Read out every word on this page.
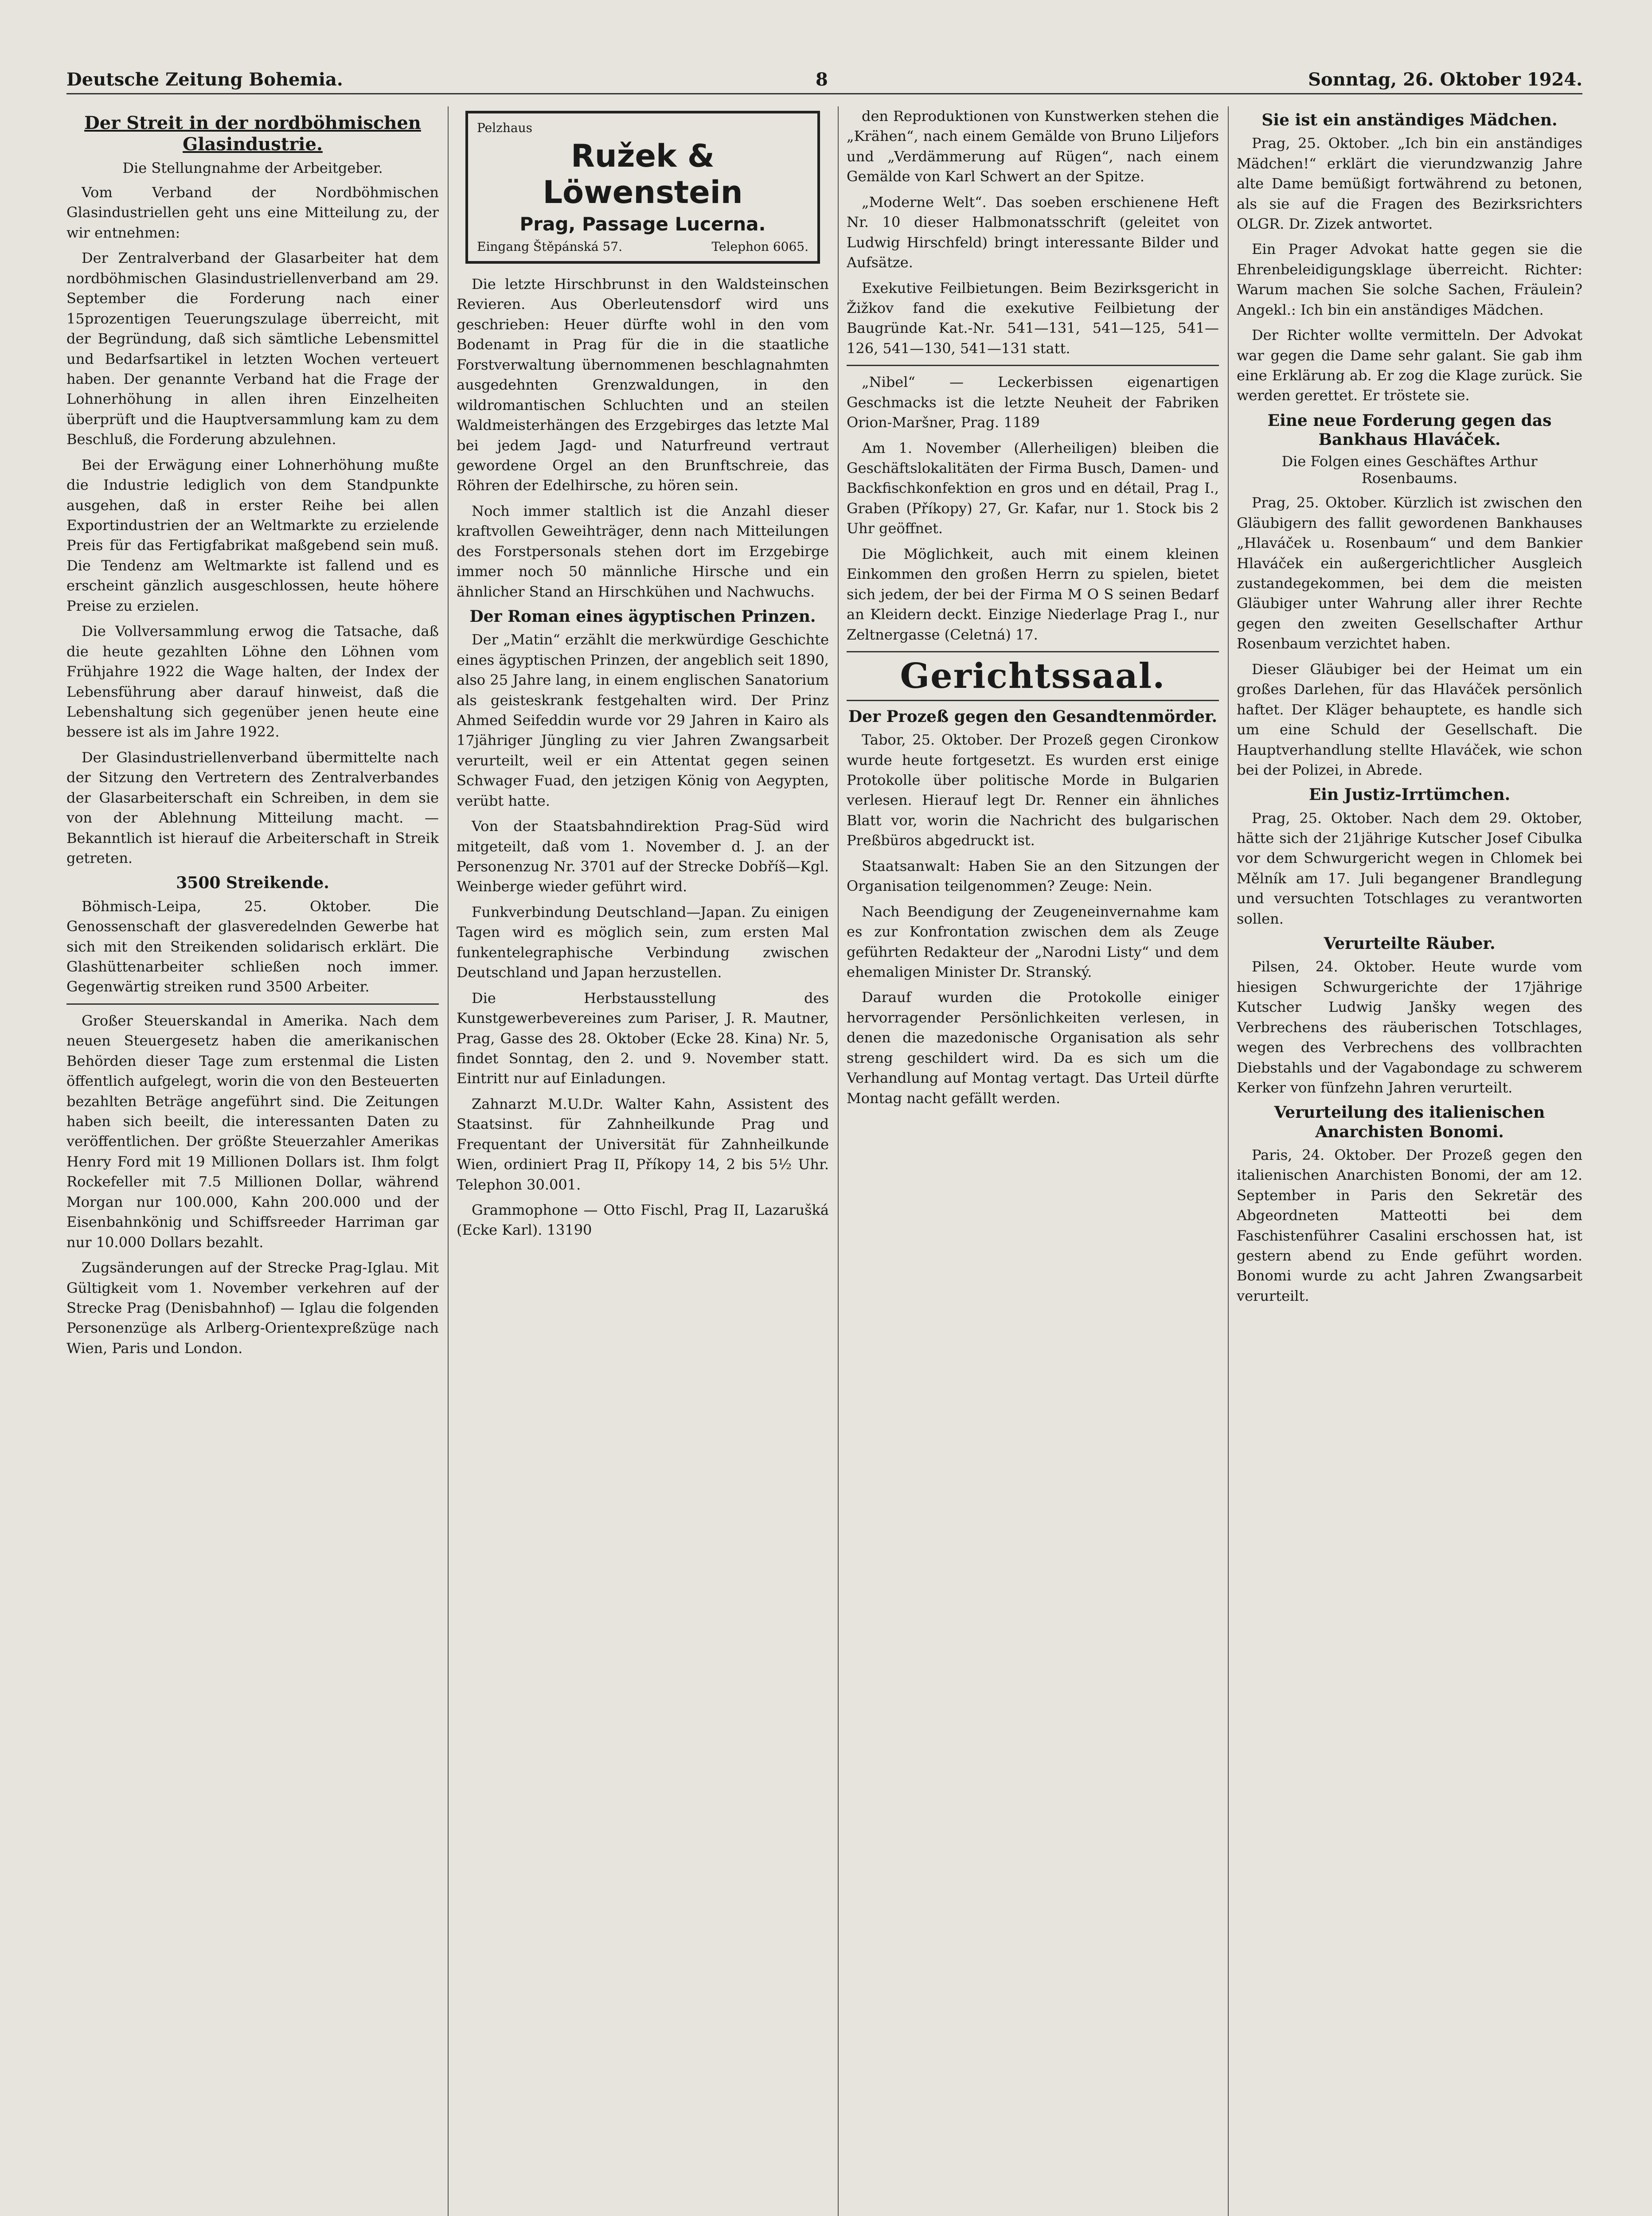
Deutsche Zeitung Bohemia.	8	Sonntag, 26. Oktober 1924.
Der Streit in der nordböhmischen Glasindustrie.
Die Stellungnahme der Arbeitgeber.

Vom Verband der Nordböhmischen Glasindustriellen geht uns eine Mitteilung zu, der wir entnehmen:

Der Zentralverband der Glasarbeiter hat dem nordböhmischen Glasindustriellenverband am 29. September die Forderung nach einer 15prozentigen Teuerungszulage überreicht, mit der Begründung, daß sich sämtliche Lebensmittel und Bedarfsartikel in letzten Wochen verteuert haben. Der genannte Verband hat die Frage der Lohnerhöhung in allen ihren Einzelheiten überprüft und die Hauptversammlung kam zu dem Beschluß, die Forderung abzulehnen.

Bei der Erwägung einer Lohnerhöhung mußte die Industrie lediglich von dem Standpunkte ausgehen, daß in erster Reihe bei allen Exportindustrien der an Weltmarkte zu erzielende Preis für das Fertigfabrikat maßgebend sein muß. Die Tendenz am Weltmarkte ist fallend und es erscheint gänzlich ausgeschlossen, heute höhere Preise zu erzielen.

Die Vollversammlung erwog die Tatsache, daß die heute gezahlten Löhne den Löhnen vom Frühjahre 1922 die Wage halten, der Index der Lebensführung aber darauf hinweist, daß die Lebenshaltung sich gegenüber jenen heute eine bessere ist als im Jahre 1922.

Der Glasindustriellenverband übermittelte nach der Sitzung den Vertretern des Zentralverbandes der Glasarbeiterschaft ein Schreiben, in dem sie von der Ablehnung Mitteilung macht. — Bekanntlich ist hierauf die Arbeiterschaft in Streik getreten.

3500 Streikende.

Böhmisch-Leipa, 25. Oktober. Die Genossenschaft der glasveredelnden Gewerbe hat sich mit den Streikenden solidarisch erklärt. Die Glashüttenarbeiter schließen noch immer. Gegenwärtig streiken rund 3500 Arbeiter.

Großer Steuerskandal in Amerika. Nach dem neuen Steuergesetz haben die amerikanischen Behörden dieser Tage zum erstenmal die Listen öffentlich aufgelegt, worin die von den Besteuerten bezahlten Beträge angeführt sind. Die Zeitungen haben sich beeilt, die interessanten Daten zu veröffentlichen. Der größte Steuerzahler Amerikas Henry Ford mit 19 Millionen Dollars ist. Ihm folgt Rockefeller mit 7.5 Millionen Dollar, während Morgan nur 100.000, Kahn 200.000 und der Eisenbahnkönig und Schiffsreeder Harriman gar nur 10.000 Dollars bezahlt.

Zugsänderungen auf der Strecke Prag-Iglau. Mit Gültigkeit vom 1. November verkehren auf der Strecke Prag (Denisbahnhof) — Iglau die folgenden Personenzüge als Arlberg-Orientexpreßzüge nach Wien, Paris und London.

Pelzhaus
Ružek & Löwenstein
Prag, Passage Lucerna.
Eingang Štěpánská 57.	Telephon 6065.

Die letzte Hirschbrunst in den Waldsteinschen Revieren. Aus Oberleutensdorf wird uns geschrieben: Heuer dürfte wohl in den vom Bodenamt in Prag für die in die staatliche Forstverwaltung übernommenen beschlagnahmten ausgedehnten Grenzwaldungen, in den wildromantischen Schluchten und an steilen Waldmeisterhängen des Erzgebirges das letzte Mal bei jedem Jagd- und Naturfreund vertraut gewordene Orgel an den Brunftschreie, das Röhren der Edelhirsche, zu hören sein.

Noch immer staltlich ist die Anzahl dieser kraftvollen Geweihträger, denn nach Mitteilungen des Forstpersonals stehen dort im Erzgebirge immer noch 50 männliche Hirsche und ein ähnlicher Stand an Hirschkühen und Nachwuchs.

Der Roman eines ägyptischen Prinzen.

Der „Matin“ erzählt die merkwürdige Geschichte eines ägyptischen Prinzen, der angeblich seit 1890, also 25 Jahre lang, in einem englischen Sanatorium als geisteskrank festgehalten wird. Der Prinz Ahmed Seifeddin wurde vor 29 Jahren in Kairo als 17jähriger Jüngling zu vier Jahren Zwangsarbeit verurteilt, weil er ein Attentat gegen seinen Schwager Fuad, den jetzigen König von Aegypten, verübt hatte.

Von der Staatsbahndirektion Prag-Süd wird mitgeteilt, daß vom 1. November d. J. an der Personenzug Nr. 3701 auf der Strecke Dobříš—Kgl. Weinberge wieder geführt wird.

Funkverbindung Deutschland—Japan. Zu einigen Tagen wird es möglich sein, zum ersten Mal funkentelegraphische Verbindung zwischen Deutschland und Japan herzustellen.

Die Herbstausstellung des Kunstgewerbevereines zum Pariser, J. R. Mautner, Prag, Gasse des 28. Oktober (Ecke 28. Kina) Nr. 5, findet Sonntag, den 2. und 9. November statt. Eintritt nur auf Einladungen.

Zahnarzt M.U.Dr. Walter Kahn, Assistent des Staatsinst. für Zahnheilkunde Prag und Frequentant der Universität für Zahnheilkunde Wien, ordiniert Prag II, Příkopy 14, 2 bis 5½ Uhr. Telephon 30.001.

Grammophone — Otto Fischl, Prag II, Lazarušká (Ecke Karl). 13190

den Reproduktionen von Kunstwerken stehen die „Krähen“, nach einem Gemälde von Bruno Liljefors und „Verdämmerung auf Rügen“, nach einem Gemälde von Karl Schwert an der Spitze.

„Moderne Welt“. Das soeben erschienene Heft Nr. 10 dieser Halbmonatsschrift (geleitet von Ludwig Hirschfeld) bringt interessante Bilder und Aufsätze.

Exekutive Feilbietungen. Beim Bezirksgericht in Žižkov fand die exekutive Feilbietung der Baugründe Kat.-Nr. 541—131, 541—125, 541—126, 541—130, 541—131 statt.

„Nibel“ — Leckerbissen eigenartigen Geschmacks ist die letzte Neuheit der Fabriken Orion-Maršner, Prag. 1189

Am 1. November (Allerheiligen) bleiben die Geschäftslokalitäten der Firma Busch, Damen- und Backfischkonfektion en gros und en détail, Prag I., Graben (Příkopy) 27, Gr. Kafar, nur 1. Stock bis 2 Uhr geöffnet.

Die Möglichkeit, auch mit einem kleinen Einkommen den großen Herrn zu spielen, bietet sich jedem, der bei der Firma M O S seinen Bedarf an Kleidern deckt. Einzige Niederlage Prag I., nur Zeltnergasse (Celetná) 17.

Gerichtssaal.
Der Prozeß gegen den Gesandtenmörder.

Tabor, 25. Oktober. Der Prozeß gegen Cironkow wurde heute fortgesetzt. Es wurden erst einige Protokolle über politische Morde in Bulgarien verlesen. Hierauf legt Dr. Renner ein ähnliches Blatt vor, worin die Nachricht des bulgarischen Preßbüros abgedruckt ist.

Staatsanwalt: Haben Sie an den Sitzungen der Organisation teilgenommen? Zeuge: Nein.

Nach Beendigung der Zeugeneinvernahme kam es zur Konfrontation zwischen dem als Zeuge geführten Redakteur der „Narodni Listy“ und dem ehemaligen Minister Dr. Stranský.

Darauf wurden die Protokolle einiger hervorragender Persönlichkeiten verlesen, in denen die mazedonische Organisation als sehr streng geschildert wird. Da es sich um die Verhandlung auf Montag vertagt. Das Urteil dürfte Montag nacht gefällt werden.

Sie ist ein anständiges Mädchen.

Prag, 25. Oktober. „Ich bin ein anständiges Mädchen!“ erklärt die vierundzwanzig Jahre alte Dame bemüßigt fortwährend zu betonen, als sie auf die Fragen des Bezirksrichters OLGR. Dr. Zizek antwortet.

Ein Prager Advokat hatte gegen sie die Ehrenbeleidigungsklage überreicht. Richter: Warum machen Sie solche Sachen, Fräulein? Angekl.: Ich bin ein anständiges Mädchen.

Der Richter wollte vermitteln. Der Advokat war gegen die Dame sehr galant. Sie gab ihm eine Erklärung ab. Er zog die Klage zurück. Sie werden gerettet. Er tröstete sie.

Eine neue Forderung gegen das Bankhaus Hlaváček.
Die Folgen eines Geschäftes Arthur Rosenbaums.

Prag, 25. Oktober. Kürzlich ist zwischen den Gläubigern des fallit gewordenen Bankhauses „Hlaváček u. Rosenbaum“ und dem Bankier Hlaváček ein außergerichtlicher Ausgleich zustandegekommen, bei dem die meisten Gläubiger unter Wahrung aller ihrer Rechte gegen den zweiten Gesellschafter Arthur Rosenbaum verzichtet haben.

Dieser Gläubiger bei der Heimat um ein großes Darlehen, für das Hlaváček persönlich haftet. Der Kläger behauptete, es handle sich um eine Schuld der Gesellschaft. Die Hauptverhandlung stellte Hlaváček, wie schon bei der Polizei, in Abrede.

Ein Justiz-Irrtümchen.

Prag, 25. Oktober. Nach dem 29. Oktober, hätte sich der 21jährige Kutscher Josef Cibulka vor dem Schwurgericht wegen in Chlomek bei Mělník am 17. Juli begangener Brandlegung und versuchten Totschlages zu verantworten sollen.

Verurteilte Räuber.

Pilsen, 24. Oktober. Heute wurde vom hiesigen Schwurgerichte der 17jährige Kutscher Ludwig Janšky wegen des Verbrechens des räuberischen Totschlages, wegen des Verbrechens des vollbrachten Diebstahls und der Vagabondage zu schwerem Kerker von fünfzehn Jahren verurteilt.

Verurteilung des italienischen Anarchisten Bonomi.

Paris, 24. Oktober. Der Prozeß gegen den italienischen Anarchisten Bonomi, der am 12. September in Paris den Sekretär des Abgeordneten Matteotti bei dem Faschistenführer Casalini erschossen hat, ist gestern abend zu Ende geführt worden. Bonomi wurde zu acht Jahren Zwangsarbeit verurteilt.
